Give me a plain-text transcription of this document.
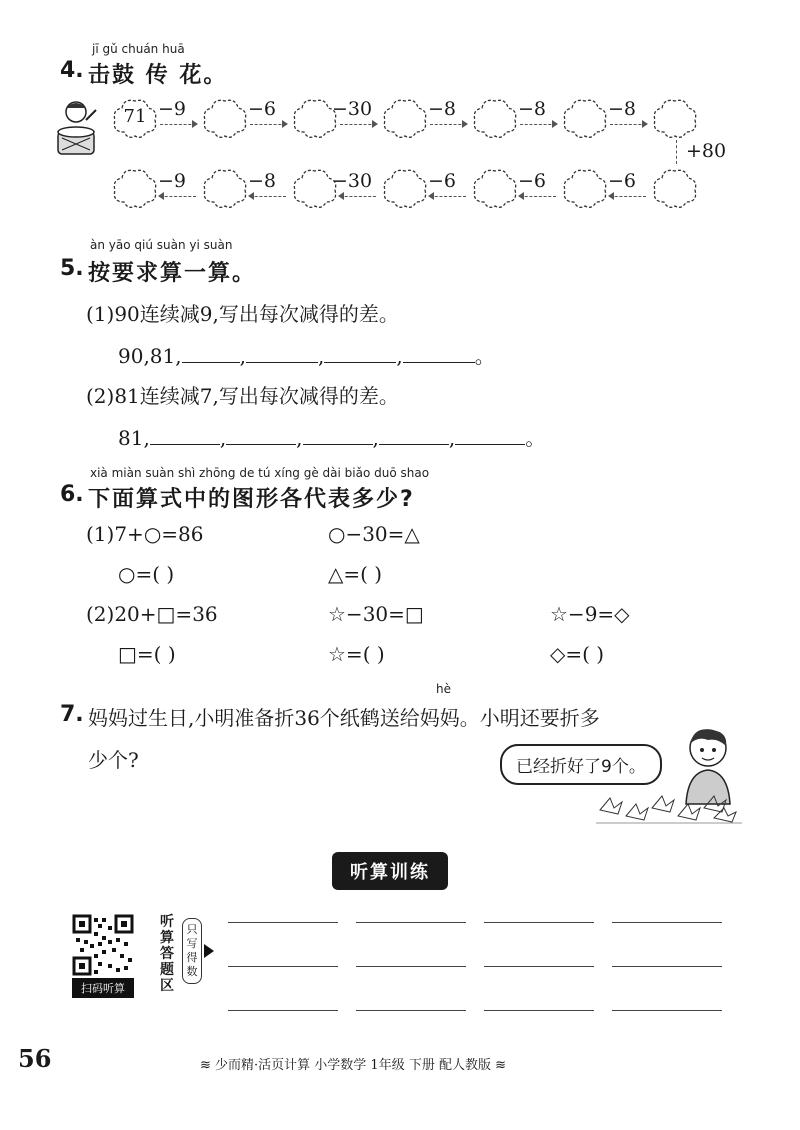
jī gǔ chuán huā
4. 击鼓 传 花。
71 −9	−6	−30	−8	−8	−8
+80
−9	−8	−30	−6	−6	−6
àn yāo qiú suàn yi suàn
5. 按要求算一算。
(1)90连续减9,写出每次减得的差。
90,81,	,	,	,	。
(2)81连续减7,写出每次减得的差。
81,	,	,	,	,	。
xià miàn suàn shì zhōng de tú xíng gè dài biǎo duō shao
6. 下面算式中的图形各代表多少?
(1)7+○=86	○−30=△
○=( )	△=( )
(2)20+□=36	☆−30=□	☆−9=◇
□=( )	☆=( )	◇=( )
hè
7. 妈妈过生日,小明准备折36个纸鹤送给妈妈。小明还要折多
少个?	已经折好了9个。
听算训练
扫码听算
听算答题区
只写得数
56	≋ 少而精·活页计算 小学数学 1年级 下册 配人教版 ≋
